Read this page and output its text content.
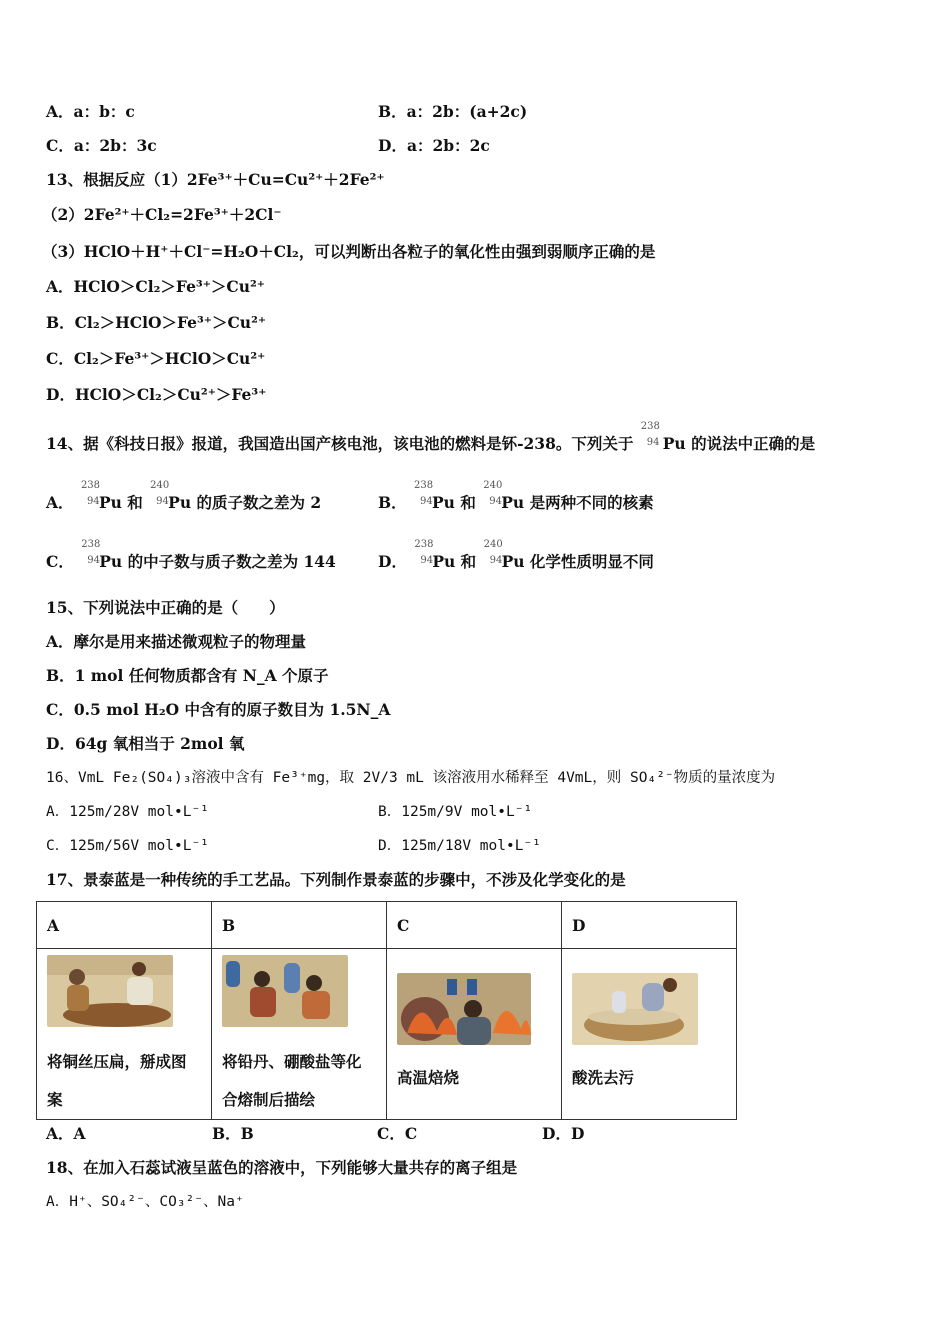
A．a：b：c	B．a：2b：(a+2c)
C．a：2b：3c	D．a：2b：2c
13、根据反应（1）2Fe³⁺＋Cu=Cu²⁺＋2Fe²⁺
（2）2Fe²⁺＋Cl₂=2Fe³⁺＋2Cl⁻
（3）HClO＋H⁺＋Cl⁻=H₂O＋Cl₂，可以判断出各粒子的氧化性由强到弱顺序正确的是
A．HClO＞Cl₂＞Fe³⁺＞Cu²⁺
B．Cl₂＞HClO＞Fe³⁺＞Cu²⁺
C．Cl₂＞Fe³⁺＞HClO＞Cu²⁺
D．HClO＞Cl₂＞Cu²⁺＞Fe³⁺
14、据《科技日报》报道，我国造出国产核电池，该电池的燃料是钚-238。下列关于
238
94 Pu 的说法中正确的是
A．
238
94 Pu 和
240
94 Pu 的质子数之差为 2	B．
238
94 Pu 和
240
94 Pu 是两种不同的核素
C．
238
94 Pu 的中子数与质子数之差为 144	D．
238
94 Pu 和
240
94 Pu 化学性质明显不同
15、下列说法中正确的是（　　）
A．摩尔是用来描述微观粒子的物理量
B．1 mol 任何物质都含有 N_A 个原子
C．0.5 mol H₂O 中含有的原子数目为 1.5N_A
D．64g 氧相当于 2mol 氧
16、VmL Fe₂(SO₄)₃溶液中含有 Fe³⁺mg，取 2V/3 mL 该溶液用水稀释至 4VmL，则 SO₄²⁻物质的量浓度为
A．125m/28V mol•L⁻¹	B．125m/9V mol•L⁻¹
C．125m/56V mol•L⁻¹	D．125m/18V mol•L⁻¹
17、景泰蓝是一种传统的手工艺品。下列制作景泰蓝的步骤中，不涉及化学变化的是
A	B	C	D

将铜丝压扁，掰成图案	将铅丹、硼酸盐等化合熔制后描绘	高温焙烧	酸洗去污
A．A	B．B	C．C	D．D
18、在加入石蕊试液呈蓝色的溶液中，下列能够大量共存的离子组是
A．H⁺、SO₄²⁻、CO₃²⁻、Na⁺
